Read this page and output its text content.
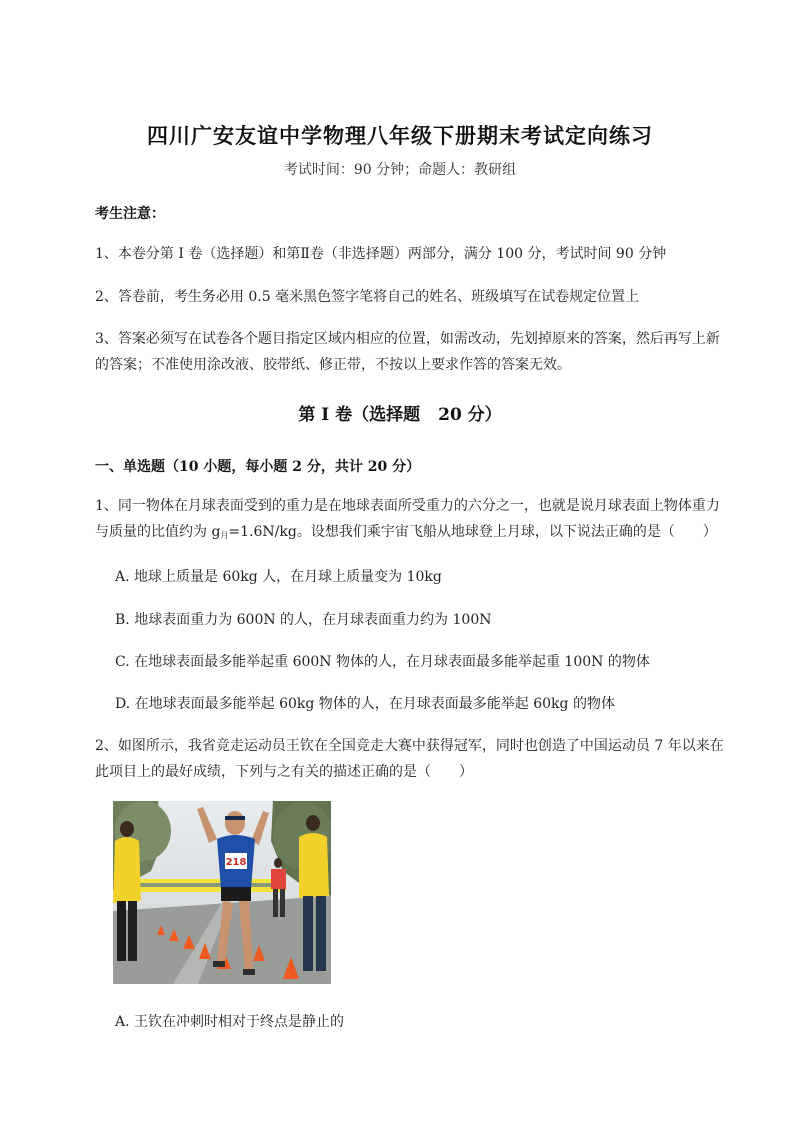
四川广安友谊中学物理八年级下册期末考试定向练习
考试时间：90 分钟；命题人：教研组
考生注意：
1、本卷分第 I 卷（选择题）和第Ⅱ卷（非选择题）两部分，满分 100 分，考试时间 90 分钟
2、答卷前，考生务必用 0.5 毫米黑色签字笔将自己的姓名、班级填写在试卷规定位置上
3、答案必须写在试卷各个题目指定区域内相应的位置，如需改动，先划掉原来的答案，然后再写上新的答案；不准使用涂改液、胶带纸、修正带，不按以上要求作答的答案无效。
第 I 卷（选择题 20 分）
一、单选题（10 小题，每小题 2 分，共计 20 分）
1、同一物体在月球表面受到的重力是在地球表面所受重力的六分之一，也就是说月球表面上物体重力
与质量的比值约为 g月=1.6N/kg。设想我们乘宇宙飞船从地球登上月球，以下说法正确的是（　　）
A. 地球上质量是 60kg 人，在月球上质量变为 10kg
B. 地球表面重力为 600N 的人，在月球表面重力约为 100N
C. 在地球表面最多能举起重 600N 物体的人，在月球表面最多能举起重 100N 的物体
D. 在地球表面最多能举起 60kg 物体的人，在月球表面最多能举起 60kg 的物体
2、如图所示，我省竞走运动员王钦在全国竞走大赛中获得冠军，同时也创造了中国运动员 7 年以来在此项目上的最好成绩，下列与之有关的描述正确的是（　　）
218
A. 王钦在冲刺时相对于终点是静止的
